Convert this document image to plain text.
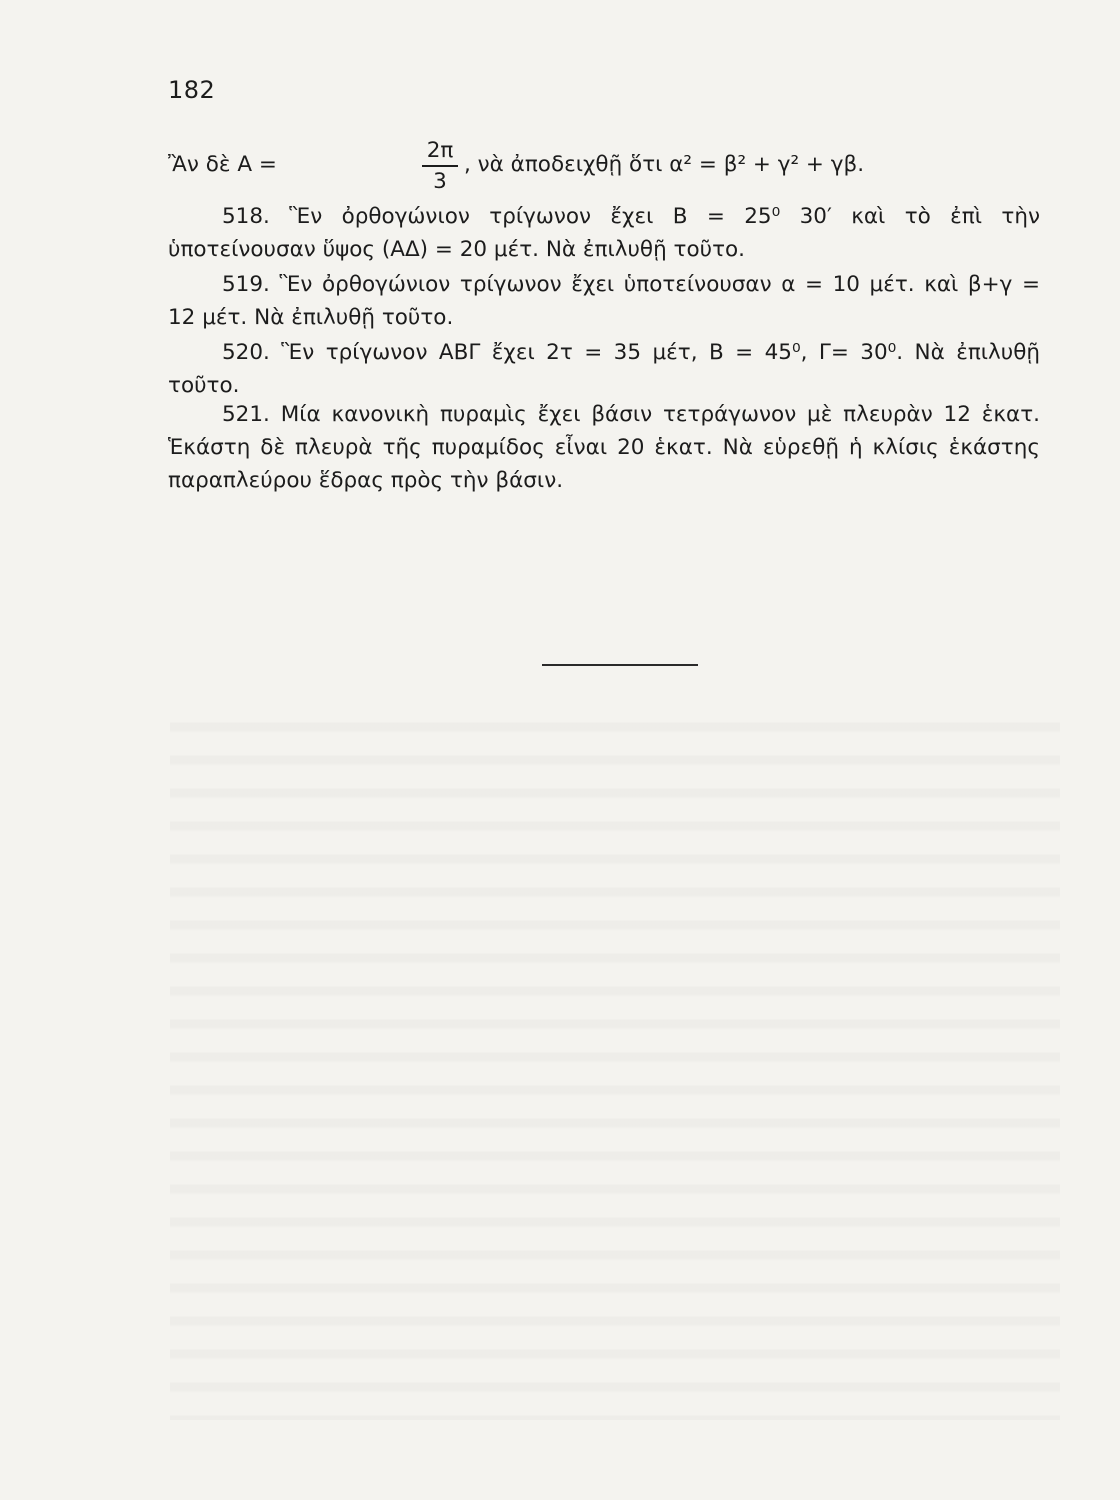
182
Ἂν δὲ Α =
2π
3
, νὰ ἀποδειχθῇ ὅτι α² = β² + γ² + γβ.

518. Ἓν ὀρθογώνιον τρίγωνον ἔχει Β = 25⁰ 30′ καὶ τὸ ἐπὶ τὴν ὑποτείνουσαν ὕψος (ΑΔ) = 20 μέτ. Νὰ ἐπιλυθῇ τοῦτο.

519. Ἓν ὀρθογώνιον τρίγωνον ἔχει ὑποτείνουσαν α = 10 μέτ. καὶ β+γ = 12 μέτ. Νὰ ἐπιλυθῇ τοῦτο.

520. Ἓν τρίγωνον ΑΒΓ ἔχει 2τ = 35 μέτ, Β = 45⁰, Γ= 30⁰. Νὰ ἐπιλυθῇ τοῦτο.

521. Μία κανονικὴ πυραμὶς ἔχει βάσιν τετράγωνον μὲ πλευρὰν 12 ἑκατ. Ἑκάστη δὲ πλευρὰ τῆς πυραμίδος εἶναι 20 ἑκατ. Νὰ εὑρεθῇ ἡ κλίσις ἑκάστης παραπλεύρου ἕδρας πρὸς τὴν βάσιν.
